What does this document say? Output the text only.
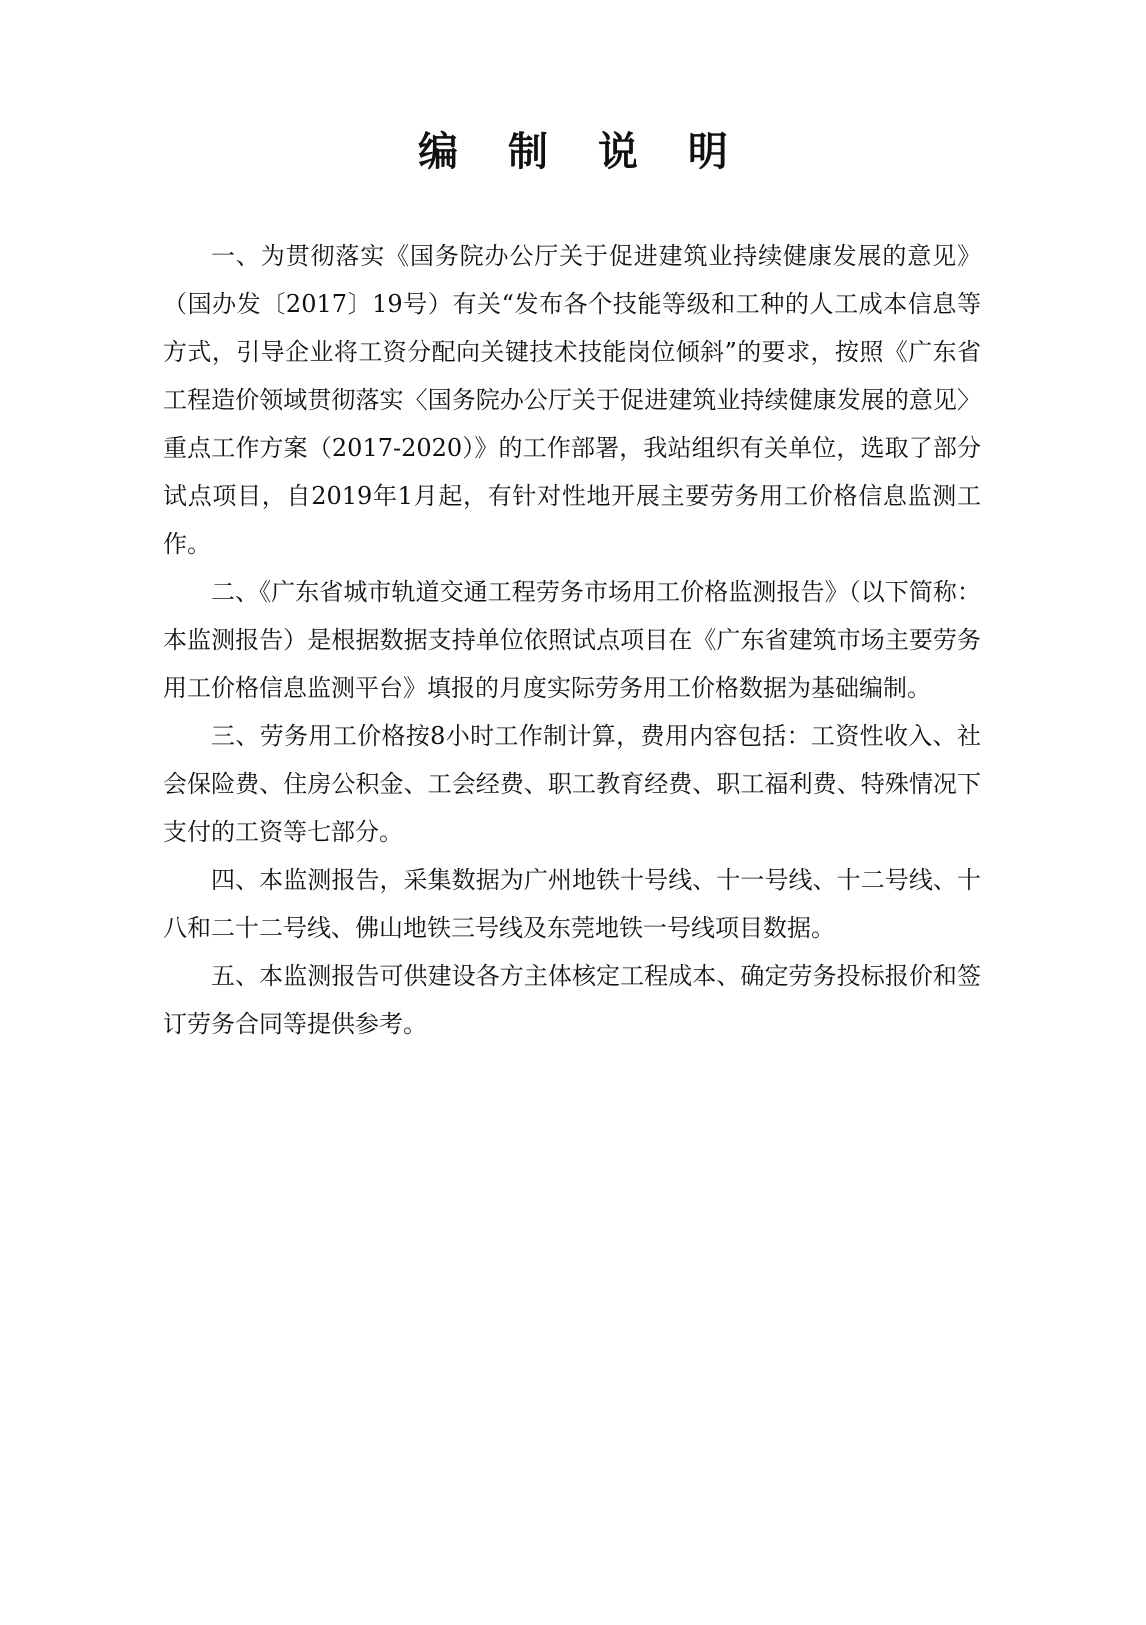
编 制 说 明

一、为贯彻落实《国务院办公厅关于促进建筑业持续健康发展的意见》（国办发〔2017〕19号）有关“发布各个技能等级和工种的人工成本信息等方式，引导企业将工资分配向关键技术技能岗位倾斜”的要求，按照《广东省工程造价领域贯彻落实〈国务院办公厅关于促进建筑业持续健康发展的意见〉重点工作方案（2017-2020）》的工作部署，我站组织有关单位，选取了部分试点项目，自2019年1月起，有针对性地开展主要劳务用工价格信息监测工作。

二、《广东省城市轨道交通工程劳务市场用工价格监测报告》（以下简称：本监测报告）是根据数据支持单位依照试点项目在《广东省建筑市场主要劳务用工价格信息监测平台》填报的月度实际劳务用工价格数据为基础编制。

三、劳务用工价格按8小时工作制计算，费用内容包括：工资性收入、社会保险费、住房公积金、工会经费、职工教育经费、职工福利费、特殊情况下支付的工资等七部分。

四、本监测报告，采集数据为广州地铁十号线、十一号线、十二号线、十八和二十二号线、佛山地铁三号线及东莞地铁一号线项目数据。

五、本监测报告可供建设各方主体核定工程成本、确定劳务投标报价和签订劳务合同等提供参考。
